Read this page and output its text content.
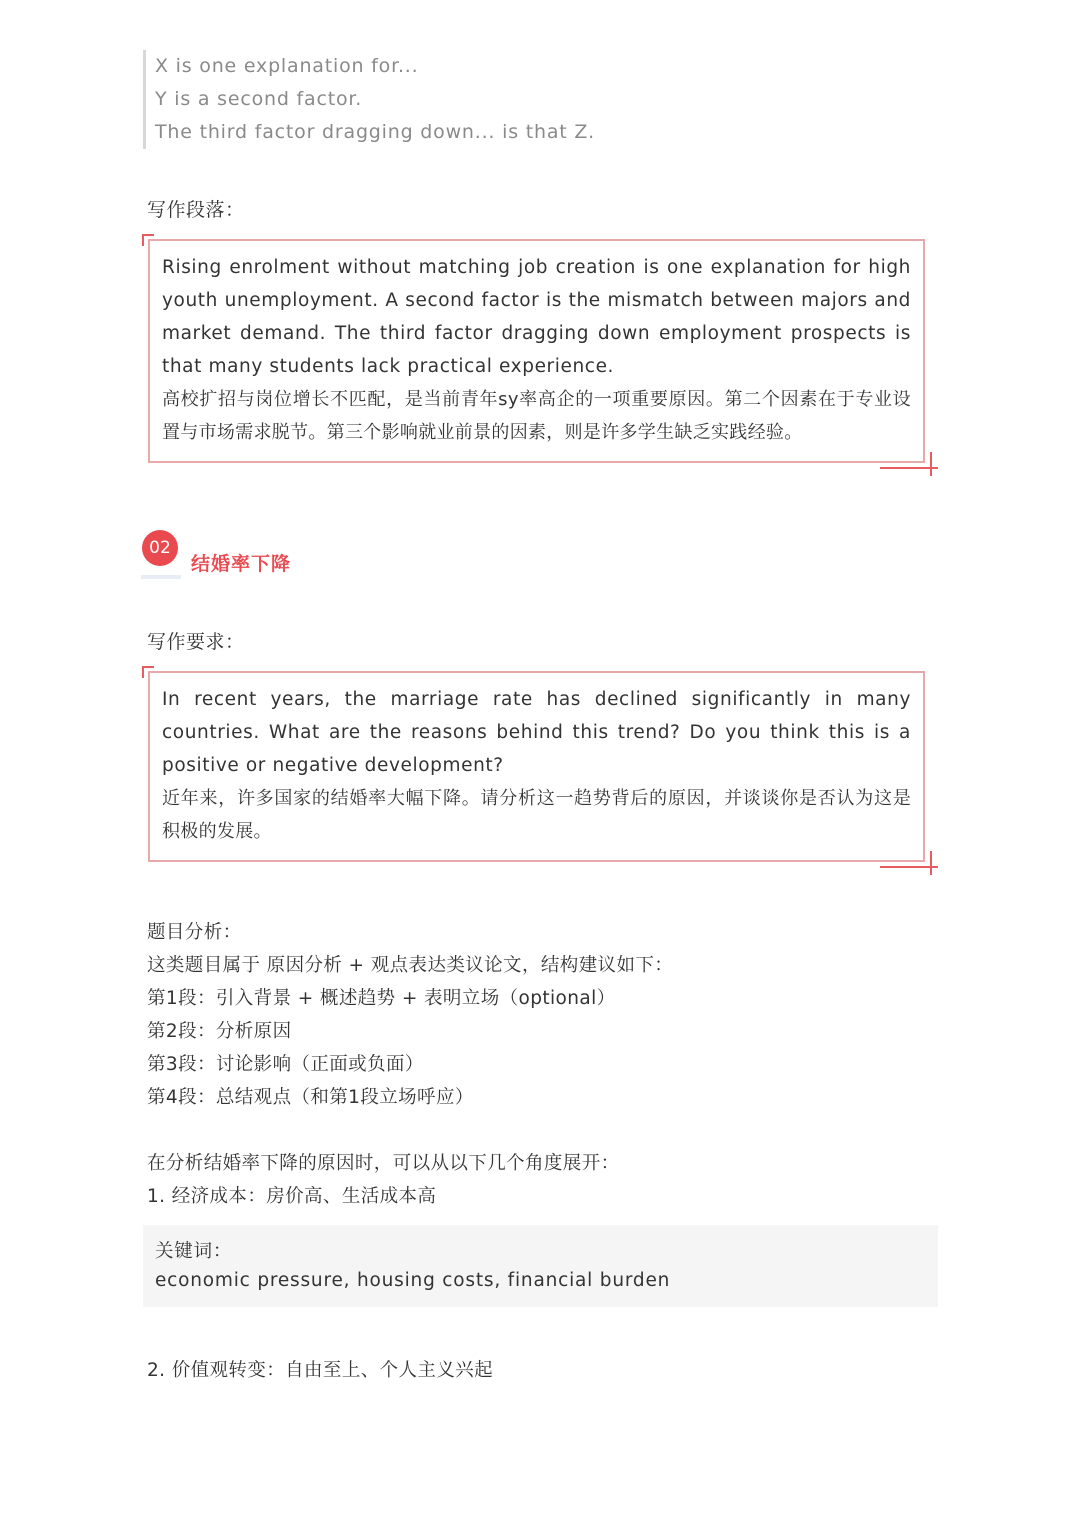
X is one explanation for...
Y is a second factor.
The third factor dragging down... is that Z.
写作段落：
Rising enrolment without matching job creation is one explanation for high youth unemployment. A second factor is the mismatch between majors and market demand. The third factor dragging down employment prospects is that many students lack practical experience.
高校扩招与岗位增长不匹配，是当前青年sy率高企的一项重要原因。第二个因素在于专业设置与市场需求脱节。第三个影响就业前景的因素，则是许多学生缺乏实践经验。
02
结婚率下降
写作要求：
In recent years, the marriage rate has declined significantly in many countries. What are the reasons behind this trend? Do you think this is a positive or negative development?
近年来，许多国家的结婚率大幅下降。请分析这一趋势背后的原因，并谈谈你是否认为这是积极的发展。
题目分析：
这类题目属于 原因分析 + 观点表达类议论文，结构建议如下：
第1段：引入背景 + 概述趋势 + 表明立场（optional）
第2段：分析原因
第3段：讨论影响（正面或负面）
第4段：总结观点（和第1段立场呼应）
在分析结婚率下降的原因时，可以从以下几个角度展开：
1. 经济成本：房价高、生活成本高
关键词：
economic pressure, housing costs, financial burden
2. 价值观转变：自由至上、个人主义兴起
